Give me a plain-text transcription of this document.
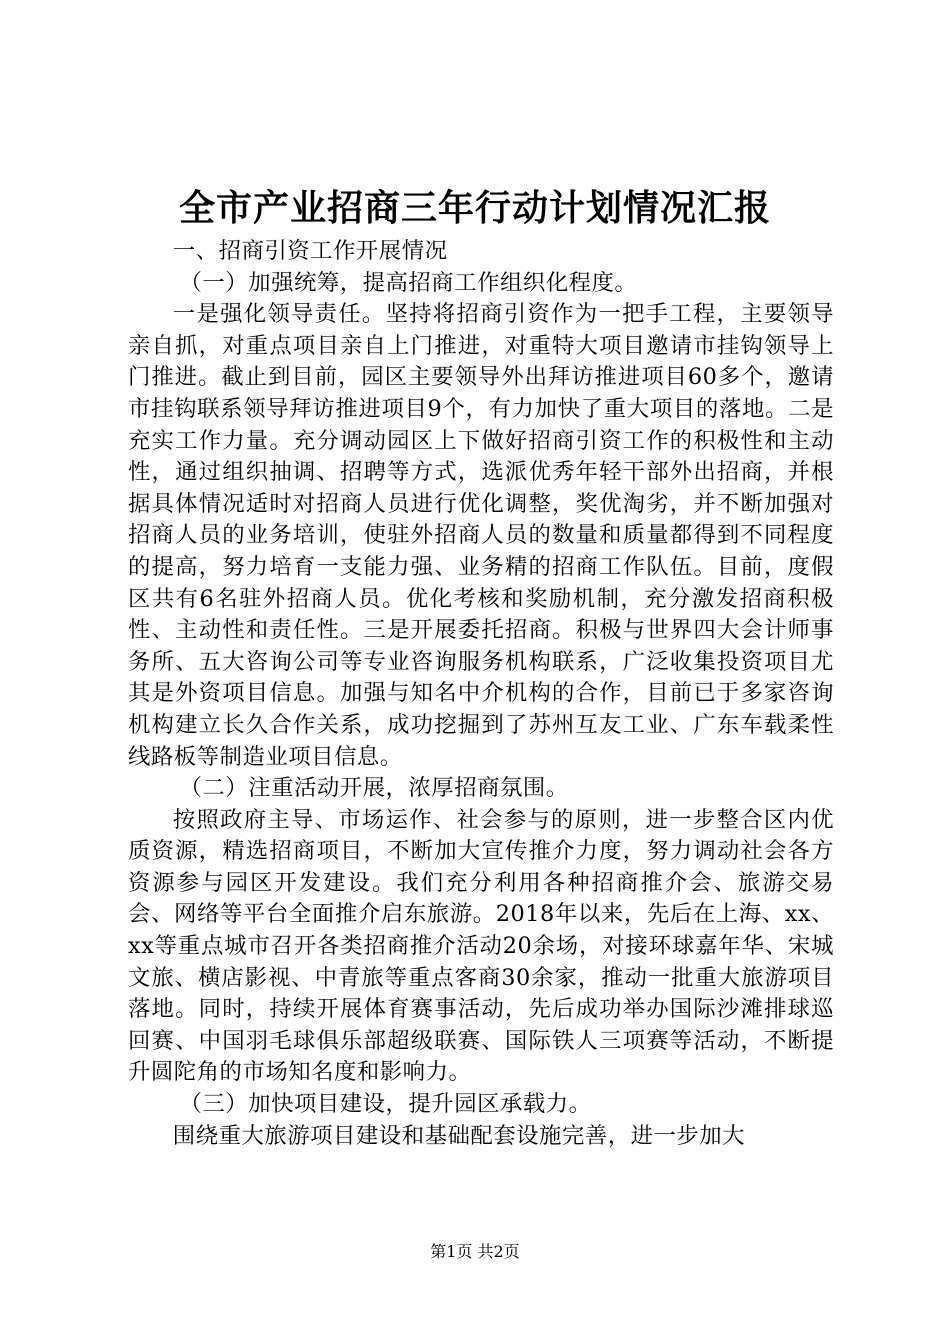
全市产业招商三年行动计划情况汇报

一、招商引资工作开展情况

（一）加强统筹，提高招商工作组织化程度。

一是强化领导责任。坚持将招商引资作为一把手工程，主要领导亲自抓，对重点项目亲自上门推进，对重特大项目邀请市挂钩领导上门推进。截止到目前，园区主要领导外出拜访推进项目60多个，邀请市挂钩联系领导拜访推进项目9个，有力加快了重大项目的落地。二是充实工作力量。充分调动园区上下做好招商引资工作的积极性和主动性，通过组织抽调、招聘等方式，选派优秀年轻干部外出招商，并根据具体情况适时对招商人员进行优化调整，奖优淘劣，并不断加强对招商人员的业务培训，使驻外招商人员的数量和质量都得到不同程度的提高，努力培育一支能力强、业务精的招商工作队伍。目前，度假区共有6名驻外招商人员。优化考核和奖励机制，充分激发招商积极性、主动性和责任性。三是开展委托招商。积极与世界四大会计师事务所、五大咨询公司等专业咨询服务机构联系，广泛收集投资项目尤其是外资项目信息。加强与知名中介机构的合作，目前已于多家咨询机构建立长久合作关系，成功挖掘到了苏州互友工业、广东车载柔性线路板等制造业项目信息。

（二）注重活动开展，浓厚招商氛围。

按照政府主导、市场运作、社会参与的原则，进一步整合区内优质资源，精选招商项目，不断加大宣传推介力度，努力调动社会各方资源参与园区开发建设。我们充分利用各种招商推介会、旅游交易会、网络等平台全面推介启东旅游。2018年以来，先后在上海、xx、xx等重点城市召开各类招商推介活动20余场，对接环球嘉年华、宋城文旅、横店影视、中青旅等重点客商30余家，推动一批重大旅游项目落地。同时，持续开展体育赛事活动，先后成功举办国际沙滩排球巡回赛、中国羽毛球俱乐部超级联赛、国际铁人三项赛等活动，不断提升圆陀角的市场知名度和影响力。

（三）加快项目建设，提升园区承载力。

围绕重大旅游项目建设和基础配套设施完善，进一步加大

第1页 共2页
